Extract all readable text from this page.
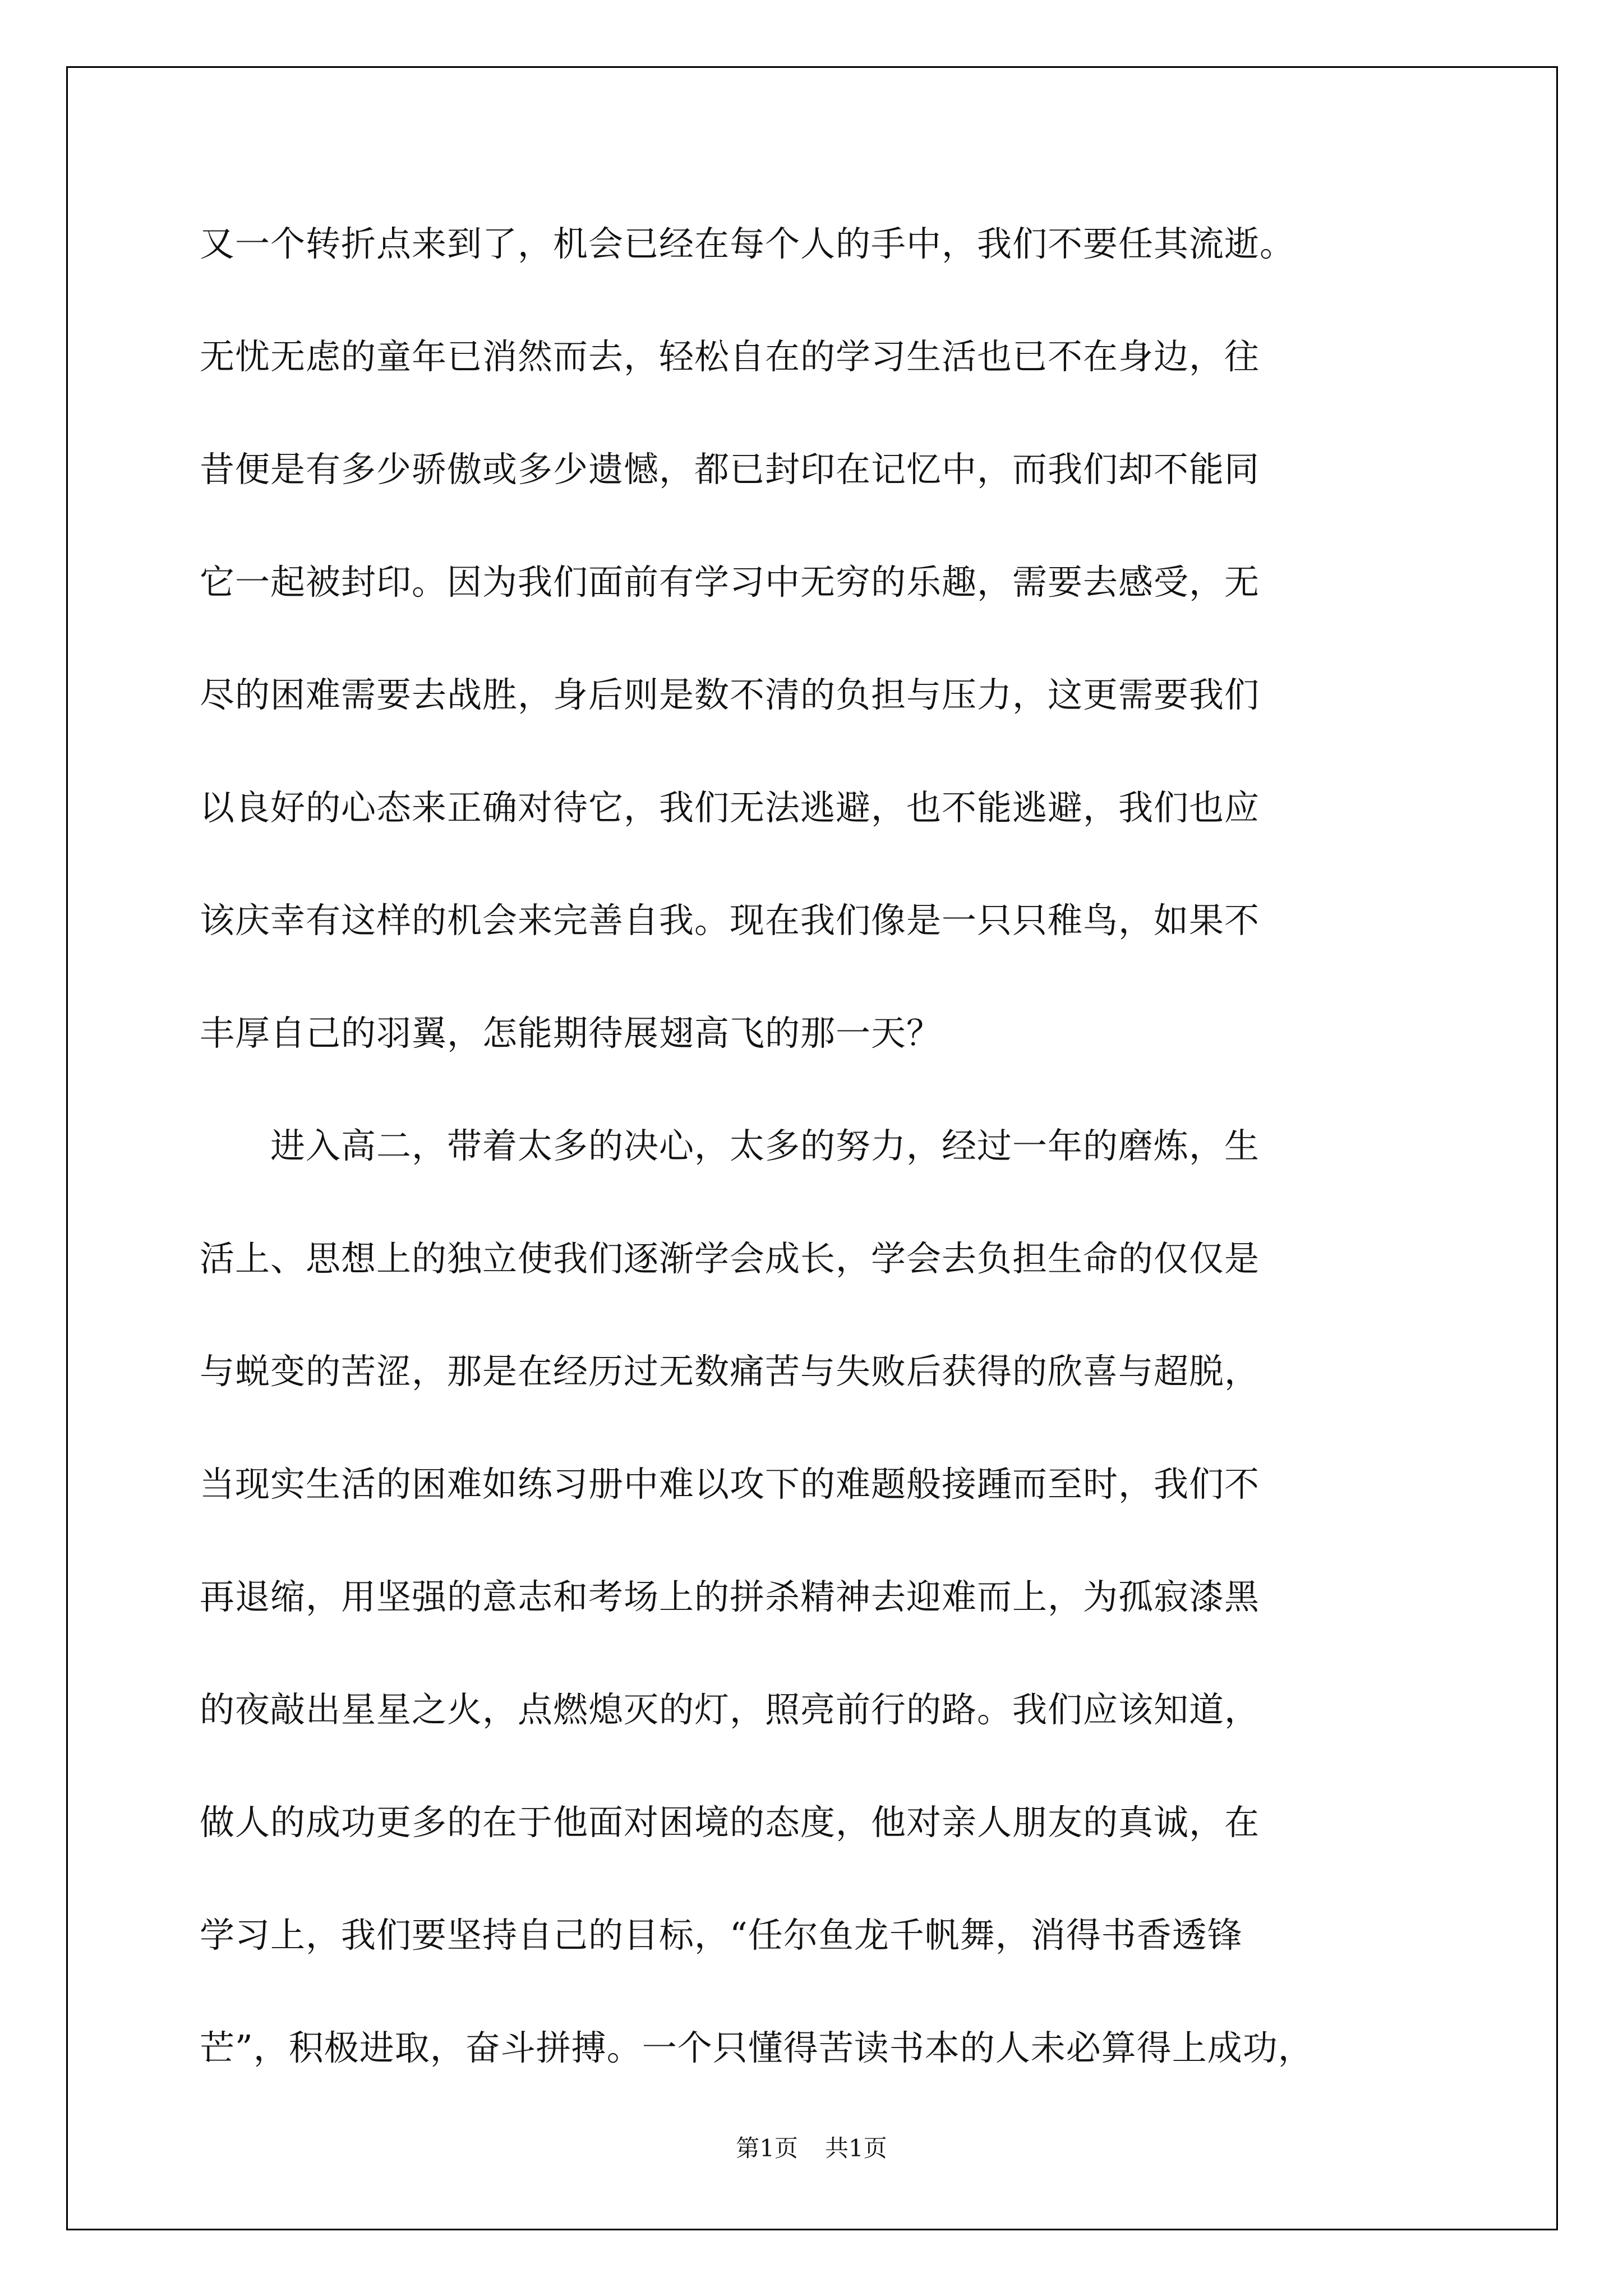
又一个转折点来到了，机会已经在每个人的手中，我们不要任其流逝。

无忧无虑的童年已消然而去，轻松自在的学习生活也已不在身边，往

昔便是有多少骄傲或多少遗憾，都已封印在记忆中，而我们却不能同

它一起被封印。因为我们面前有学习中无穷的乐趣，需要去感受，无

尽的困难需要去战胜，身后则是数不清的负担与压力，这更需要我们

以良好的心态来正确对待它，我们无法逃避，也不能逃避，我们也应

该庆幸有这样的机会来完善自我。现在我们像是一只只稚鸟，如果不

丰厚自己的羽翼，怎能期待展翅高飞的那一天？

　　进入高二，带着太多的决心，太多的努力，经过一年的磨炼，生

活上、思想上的独立使我们逐渐学会成长，学会去负担生命的仅仅是

与蜕变的苦涩，那是在经历过无数痛苦与失败后获得的欣喜与超脱，

当现实生活的困难如练习册中难以攻下的难题般接踵而至时，我们不

再退缩，用坚强的意志和考场上的拼杀精神去迎难而上，为孤寂漆黑

的夜敲出星星之火，点燃熄灭的灯，照亮前行的路。我们应该知道，

做人的成功更多的在于他面对困境的态度，他对亲人朋友的真诚，在

学习上，我们要坚持自己的目标，“任尔鱼龙千帆舞，消得书香透锋

芒”，积极进取，奋斗拼搏。一个只懂得苦读书本的人未必算得上成功，

第1页 共1页
